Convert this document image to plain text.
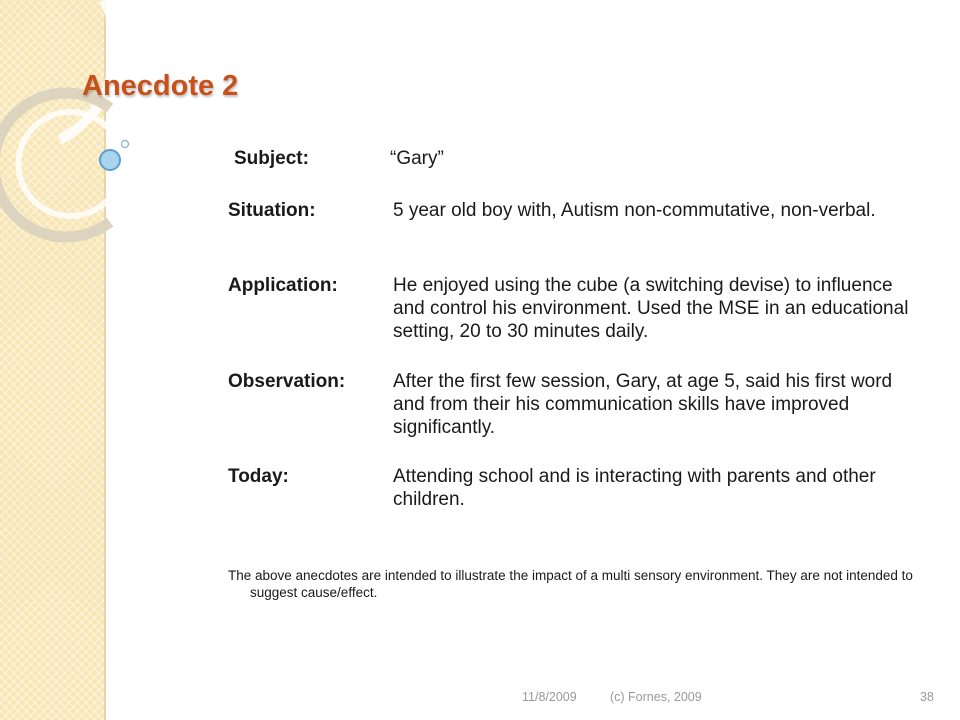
Anecdote 2
Subject:	“Gary”
Situation:	5 year old boy with, Autism non-commutative, non-verbal.
Application:	He enjoyed using the cube (a switching devise) to influence and control his environment. Used the MSE in an educational setting, 20 to 30 minutes daily.
Observation:	After the first few session, Gary, at age 5, said his first word and from their his communication skills have improved significantly.
Today:	Attending school and is interacting with parents and other children.
The above anecdotes are intended to illustrate the impact of a multi sensory environment. They are not intended to suggest cause/effect.
11/8/2009	(c) Fornes, 2009	38
